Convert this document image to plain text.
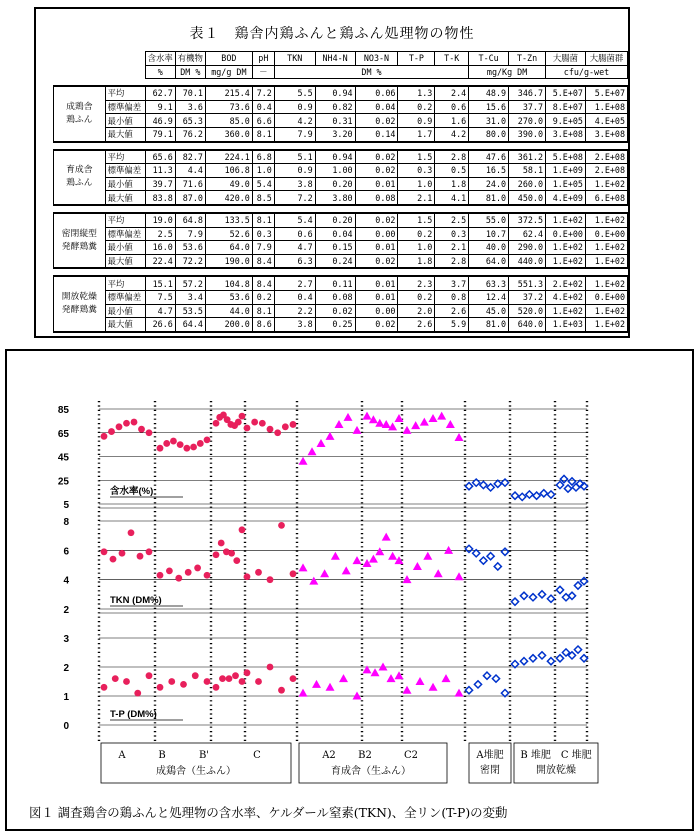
表１　鶏舎内鶏ふんと鶏ふん処理物の物性
		含水率	有機物	BOD	pH	TKN	NH4-N	NO3-N	T-P	T-K	T-Cu	T-Zn	大腸菌	大腸菌群
		%	DM %	mg/g DM	－	DM %					mg/Kg DM		cfu/g-wet	

成鶏舎
鶏ふん	平均	62.7	70.1	215.4	7.2	5.5	0.94	0.06	1.3	2.4	48.9	346.7	5.E+07	5.E+07
	標準偏差	9.1	3.6	73.6	0.4	0.9	0.82	0.04	0.2	0.6	15.6	37.7	8.E+07	1.E+08
	最小値	46.9	65.3	85.0	6.6	4.2	0.31	0.02	0.9	1.6	31.0	270.0	9.E+05	4.E+05
	最大値	79.1	76.2	360.0	8.1	7.9	3.20	0.14	1.7	4.2	80.0	390.0	3.E+08	3.E+08

育成舎
鶏ふん	平均	65.6	82.7	224.1	6.8	5.1	0.94	0.02	1.5	2.8	47.6	361.2	5.E+08	2.E+08
	標準偏差	11.3	4.4	106.8	1.0	0.9	1.00	0.02	0.3	0.5	16.5	58.1	1.E+09	2.E+08
	最小値	39.7	71.6	49.0	5.4	3.8	0.20	0.01	1.0	1.8	24.0	260.0	1.E+05	1.E+02
	最大値	83.8	87.0	420.0	8.5	7.2	3.80	0.08	2.1	4.1	81.0	450.0	4.E+09	6.E+08

密閉縦型
発酵鶏糞	平均	19.0	64.8	133.5	8.1	5.4	0.20	0.02	1.5	2.5	55.0	372.5	1.E+02	1.E+02
	標準偏差	2.5	7.9	52.6	0.3	0.6	0.04	0.00	0.2	0.3	10.7	62.4	0.E+00	0.E+00
	最小値	16.0	53.6	64.0	7.9	4.7	0.15	0.01	1.0	2.1	40.0	290.0	1.E+02	1.E+02
	最大値	22.4	72.2	190.0	8.4	6.3	0.24	0.02	1.8	2.8	64.0	440.0	1.E+02	1.E+02

開放乾燥
発酵鶏糞	平均	15.1	57.2	104.8	8.4	2.7	0.11	0.01	2.3	3.7	63.3	551.3	2.E+02	1.E+02
	標準偏差	7.5	3.4	53.6	0.2	0.4	0.08	0.01	0.2	0.8	12.4	37.2	4.E+02	0.E+00
	最小値	4.7	53.5	44.0	8.1	2.2	0.02	0.00	2.0	2.6	45.0	520.0	1.E+02	1.E+02
	最大値	26.6	64.4	200.0	8.6	3.8	0.25	0.02	2.6	5.9	81.0	640.0	1.E+03	1.E+02
85
65
45
25
5
8
6
4
2
3
2
1
0
含水率(%)
TKN (DM%)
T-P (DM%)
A	B	B'	C
成鶏舎（生ふん）
A2 B2	C2
育成舎（生ふん）
A堆肥
密閉
B 堆肥　C 堆肥
開放乾燥
図１ 調査鶏舎の鶏ふんと処理物の含水率、ケルダール窒素(TKN)、全リン(T-P)の変動
